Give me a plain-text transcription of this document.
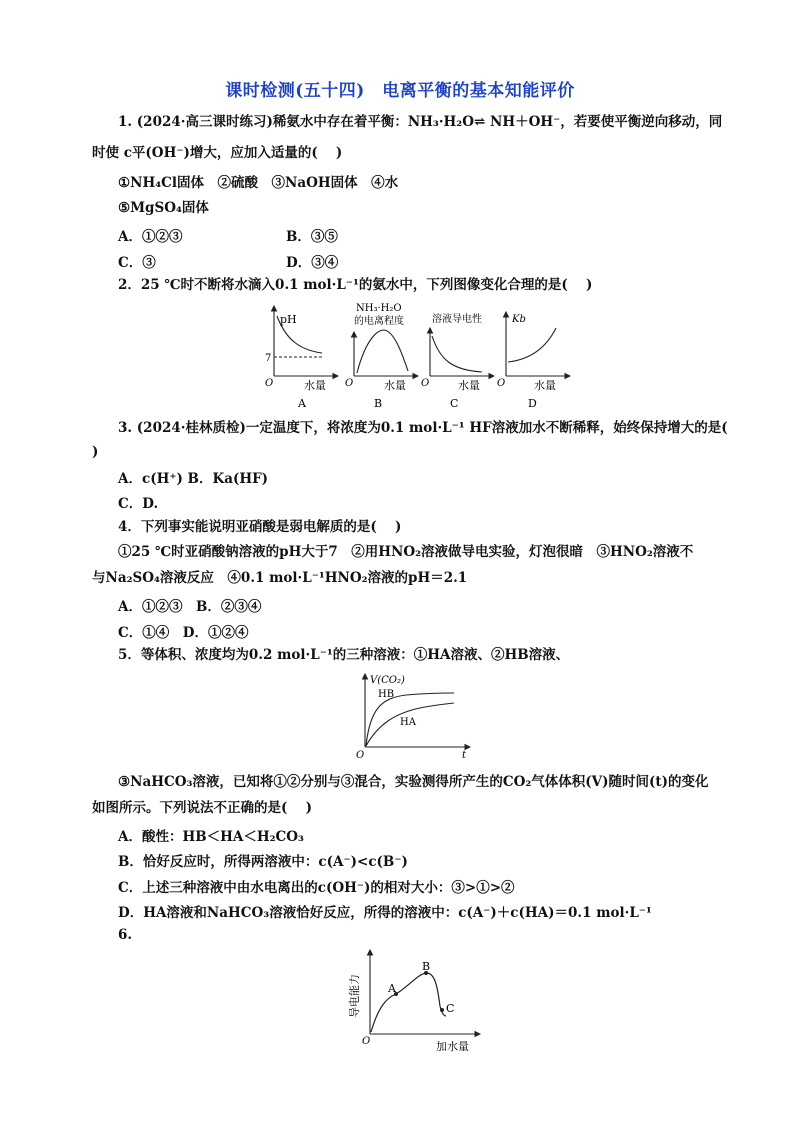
课时检测(五十四)　电离平衡的基本知能评价
1. (2024·高三课时练习)稀氨水中存在着平衡：NH₃·H₂O⇌ NH＋OH⁻，若要使平衡逆向移动，同
时使 c平(OH⁻)增大，应加入适量的(　 )
①NH₄Cl固体　②硫酸　③NaOH固体　④水
⑤MgSO₄固体
A．①②③	B．③⑤
C．③	D．③④
2．25 ℃时不断将水滴入0.1 mol·L⁻¹的氨水中，下列图像变化合理的是(　 )
pH
7
O	水量
A
NH₃·H₂O
的电离程度
O	水量
B
溶液导电性
O	水量
C
Kb
O	水量
D
3. (2024·桂林质检)一定温度下，将浓度为0.1 mol·L⁻¹ HF溶液加水不断稀释，始终保持增大的是(
)
A．c(H⁺) B．Ka(HF)
C．D.
4．下列事实能说明亚硝酸是弱电解质的是(　 )
①25 ℃时亚硝酸钠溶液的pH大于7　②用HNO₂溶液做导电实验，灯泡很暗　③HNO₂溶液不
与Na₂SO₄溶液反应　④0.1 mol·L⁻¹HNO₂溶液的pH＝2.1
A．①②③　B．②③④
C．①④　D．①②④
5．等体积、浓度均为0.2 mol·L⁻¹的三种溶液：①HA溶液、②HB溶液、
V(CO₂)
HB
HA
O	t
③NaHCO₃溶液，已知将①②分别与③混合，实验测得所产生的CO₂气体体积(V)随时间(t)的变化
如图所示。下列说法不正确的是(　 )
A．酸性：HB＜HA＜H₂CO₃
B．恰好反应时，所得两溶液中：c(A⁻)<c(B⁻)
C．上述三种溶液中由水电离出的c(OH⁻)的相对大小：③>①>②
D．HA溶液和NaHCO₃溶液恰好反应，所得的溶液中：c(A⁻)＋c(HA)＝0.1 mol·L⁻¹
6.
A
B
C
O	加水量
导电能力
